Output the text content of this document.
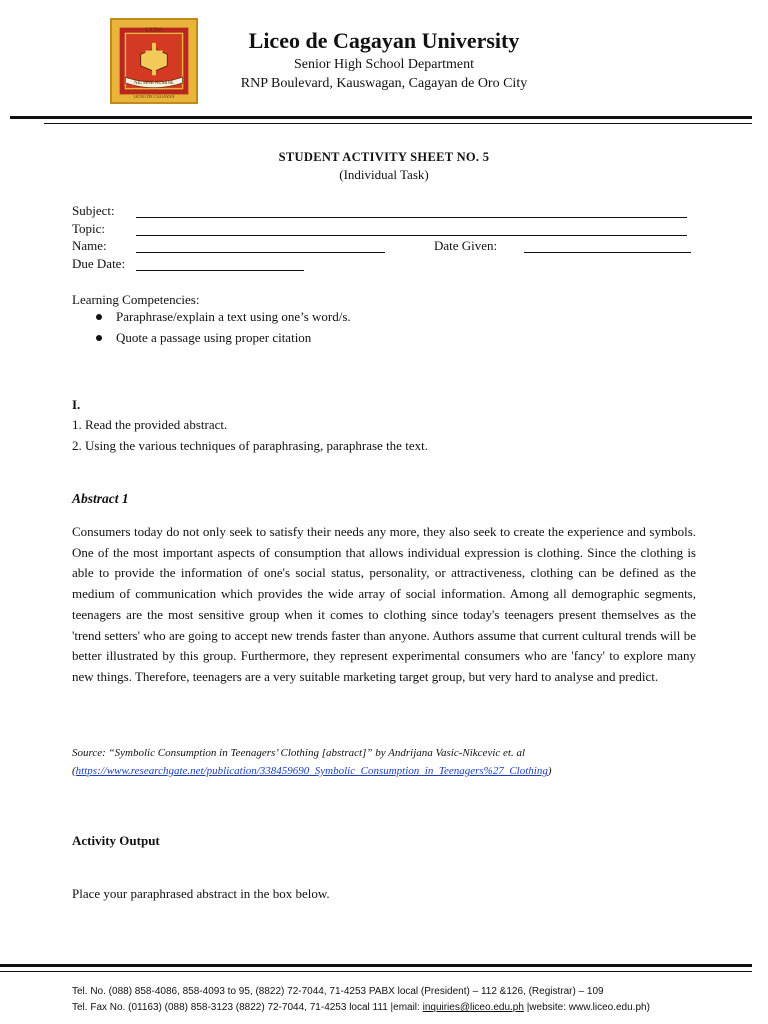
LICEO
NIL SINE NUMINE
LICEO DE CAGAYAN
Liceo de Cagayan University
Senior High School Department
RNP Boulevard, Kauswagan, Cagayan de Oro City
STUDENT ACTIVITY SHEET NO. 5
(Individual Task)
Subject:
Topic:
Name:	Date Given:
Due Date:
Learning Competencies:
Paraphrase/explain a text using one’s word/s.
Quote a passage using proper citation
I.
1. Read the provided abstract.
2. Using the various techniques of paraphrasing, paraphrase the text.
Abstract 1
Consumers today do not only seek to satisfy their needs any more, they also seek to create the experience and symbols. One of the most important aspects of consumption that allows individual expression is clothing. Since the clothing is able to provide the information of one's social status, personality, or attractiveness, clothing can be defined as the medium of communication which provides the wide array of social information. Among all demographic segments, teenagers are the most sensitive group when it comes to clothing since today's teenagers present themselves as the 'trend setters' who are going to accept new trends faster than anyone. Authors assume that current cultural trends will be better illustrated by this group. Furthermore, they represent experimental consumers who are 'fancy' to explore many new things. Therefore, teenagers are a very suitable marketing target group, but very hard to analyse and predict.
Source: “Symbolic Consumption in Teenagers’ Clothing [abstract]” by Andrijana Vasic-Nikcevic et. al
(https://www.researchgate.net/publication/338459690_Symbolic_Consumption_in_Teenagers%27_Clothing)
Activity Output
Place your paraphrased abstract in the box below.
Tel. No. (088) 858-4086, 858-4093 to 95, (8822) 72-7044, 71-4253 PABX local (President) – 112 &126, (Registrar) – 109
Tel. Fax No. (01163) (088) 858-3123 (8822) 72-7044, 71-4253 local 111 |email: inquiries@liceo.edu.ph |website: www.liceo.edu.ph)
